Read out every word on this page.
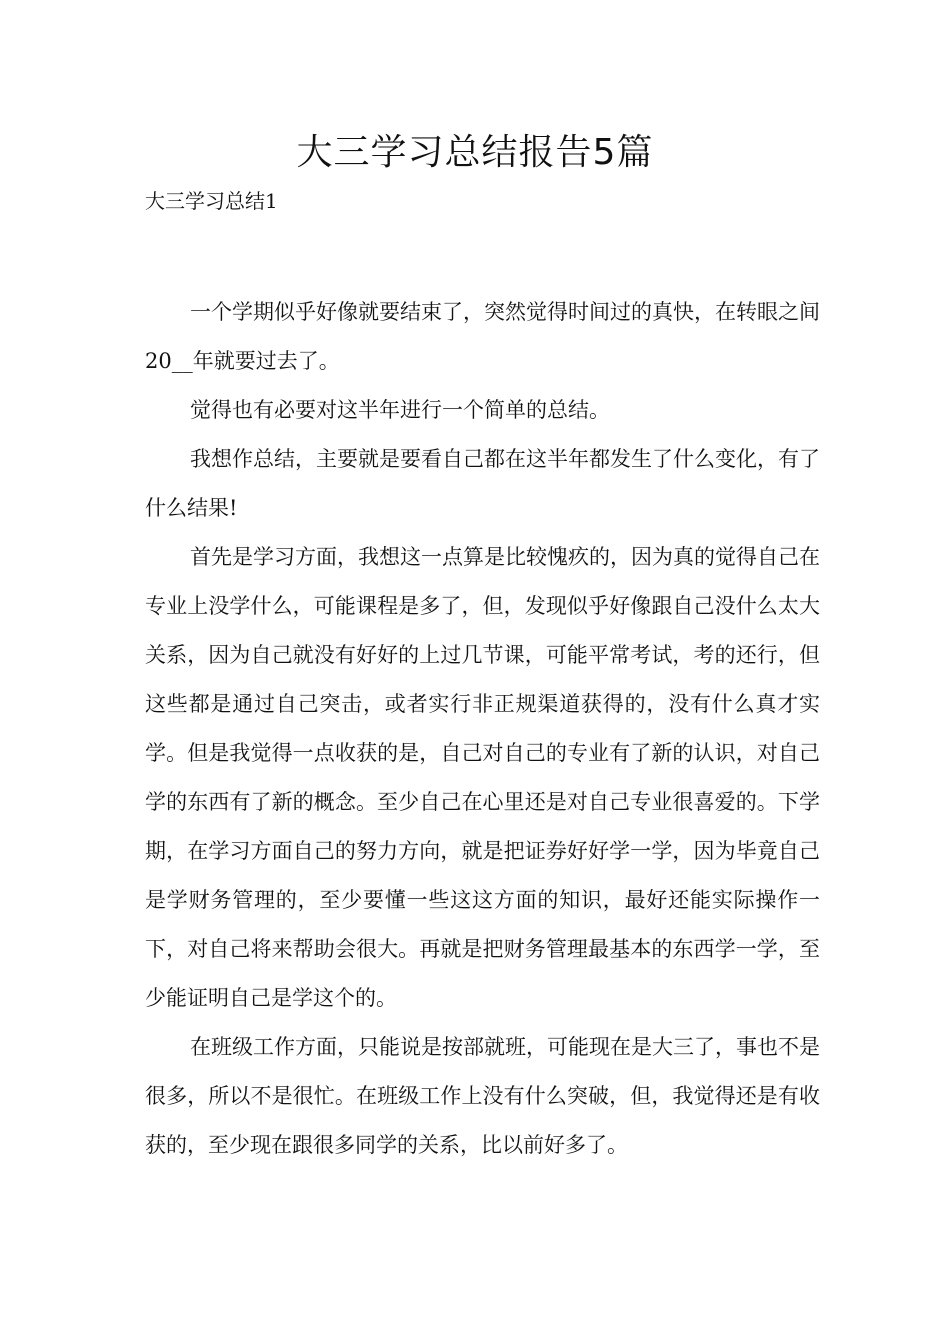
大三学习总结报告5篇
大三学习总结1

一个学期似乎好像就要结束了，突然觉得时间过的真快，在转眼之间20__年就要过去了。

觉得也有必要对这半年进行一个简单的总结。

我想作总结，主要就是要看自己都在这半年都发生了什么变化，有了什么结果!

首先是学习方面，我想这一点算是比较愧疚的，因为真的觉得自己在专业上没学什么，可能课程是多了，但，发现似乎好像跟自己没什么太大关系，因为自己就没有好好的上过几节课，可能平常考试，考的还行，但这些都是通过自己突击，或者实行非正规渠道获得的，没有什么真才实学。但是我觉得一点收获的是，自己对自己的专业有了新的认识，对自己学的东西有了新的概念。至少自己在心里还是对自己专业很喜爱的。下学期，在学习方面自己的努力方向，就是把证券好好学一学，因为毕竟自己是学财务管理的，至少要懂一些这这方面的知识，最好还能实际操作一下，对自己将来帮助会很大。再就是把财务管理最基本的东西学一学，至少能证明自己是学这个的。

在班级工作方面，只能说是按部就班，可能现在是大三了，事也不是很多，所以不是很忙。在班级工作上没有什么突破，但，我觉得还是有收获的，至少现在跟很多同学的关系，比以前好多了。
